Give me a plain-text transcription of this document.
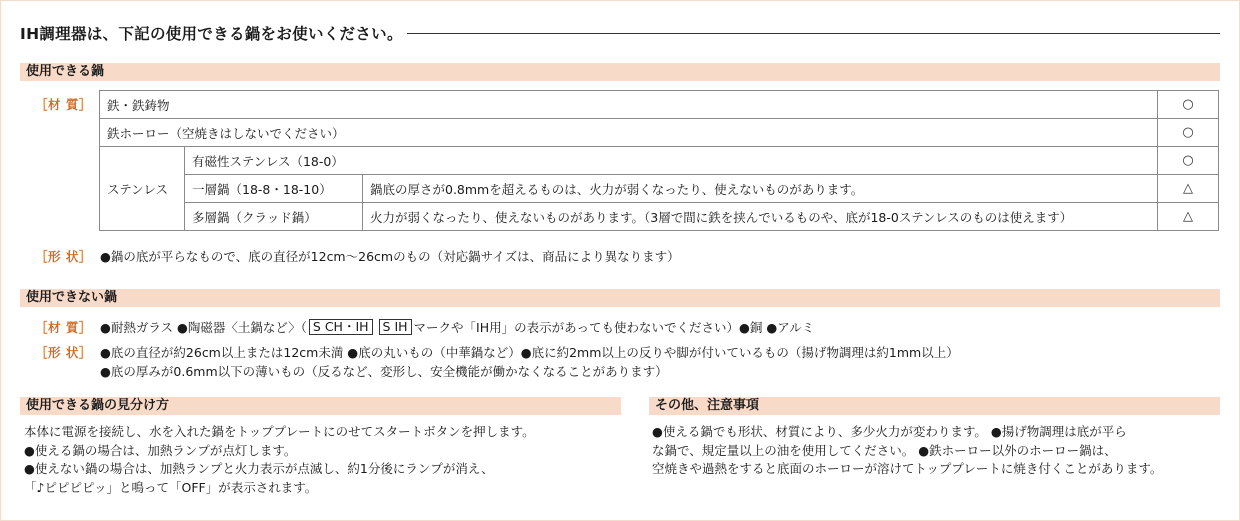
IH調理器は、下記の使用できる鍋をお使いください。
使用できる鍋
［材 質］ 鉄・鉄鋳物			○
鉄ホーロー（空焼きはしないでください）			○
ステンレス	有磁性ステンレス（18-0）		○
	一層鍋（18-8・18-10）	鍋底の厚さが0.8mmを超えるものは、火力が弱くなったり、使えないものがあります。	△
	多層鍋（クラッド鍋）	火力が弱くなったり、使えないものがあります。（3層で間に鉄を挟んでいるものや、底が18-0ステンレスのものは使えます）	△
［形 状］ ●鍋の底が平らなもので、底の直径が12cm〜26cmのもの（対応鍋サイズは、商品により異なります）
使用できない鍋
［材 質］ ●耐熱ガラス ●陶磁器〈土鍋など〉（ S CH・IH	S IH マークや「IH用」の表示があっても使わないでください）●銅 ●アルミ
［形 状］ ●底の直径が約26cm以上または12cm未満 ●底の丸いもの（中華鍋など）●底に約2mm以上の反りや脚が付いているもの（揚げ物調理は約1mm以上）
●底の厚みが0.6mm以下の薄いもの（反るなど、変形し、安全機能が働かなくなることがあります）
使用できる鍋の見分け方
本体に電源を接続し、水を入れた鍋をトッププレートにのせてスタートボタンを押します。
●使える鍋の場合は、加熱ランプが点灯します。
●使えない鍋の場合は、加熱ランプと火力表示が点滅し、約1分後にランプが消え、
「♪ピピピピッ」と鳴って「OFF」が表示されます。
その他、注意事項
●使える鍋でも形状、材質により、多少火力が変わります。 ●揚げ物調理は底が平ら
な鍋で、規定量以上の油を使用してください。 ●鉄ホーロー以外のホーロー鍋は、
空焼きや過熱をすると底面のホーローが溶けてトッププレートに焼き付くことがあります。
